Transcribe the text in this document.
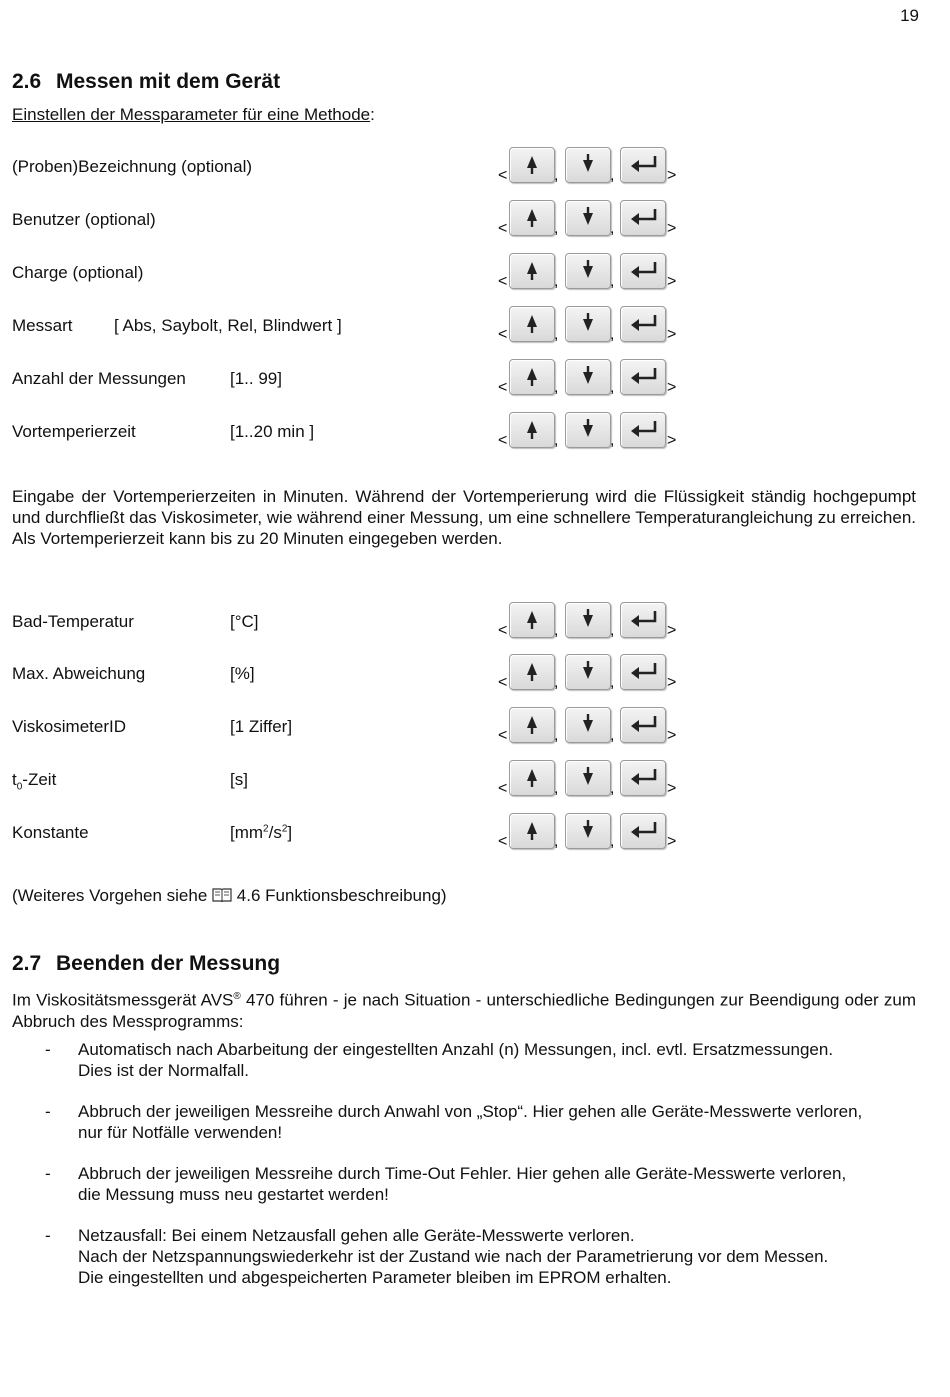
19
2.6 Messen mit dem Gerät
Einstellen der Messparameter für eine Methode:
(Proben)Bezeichnung (optional)	<	,	,	>
Benutzer (optional)	<	,	,	>
Charge (optional)	<	,	,	>
Messart [ Abs, Saybolt, Rel, Blindwert ]	<	,	,	>
Anzahl der Messungen	[1.. 99]	<	,	,	>
Vortemperierzeit	[1..20 min ]	<	,	,	>
Eingabe der Vortemperierzeiten in Minuten. Während der Vortemperierung wird die Flüssigkeit ständig hochgepumpt und durchfließt das Viskosimeter, wie während einer Messung, um eine schnellere Temperaturangleichung zu erreichen. Als Vortemperierzeit kann bis zu 20 Minuten eingegeben werden.
Bad-Temperatur	[°C]	<	,	,	>
Max. Abweichung	[%]	<	,	,	>
ViskosimeterID	[1 Ziffer]	<	,	,	>
$t_0$-Zeit	[s]	<	,	,	>
Konstante	$[mm^2/s^2]$	<	,	,	>
(Weiteres Vorgehen siehe 4.6 Funktionsbeschreibung)
2.7 Beenden der Messung
Im Viskositätsmessgerät AVS® 470 führen - je nach Situation - unterschiedliche Bedingungen zur Beendigung oder zum Abbruch des Messprogramms:
- Automatisch nach Abarbeitung der eingestellten Anzahl (n) Messungen, incl. evtl. Ersatzmessungen.
Dies ist der Normalfall.
- Abbruch der jeweiligen Messreihe durch Anwahl von „Stop“. Hier gehen alle Geräte-Messwerte verloren,
nur für Notfälle verwenden!
- Abbruch der jeweiligen Messreihe durch Time-Out Fehler. Hier gehen alle Geräte-Messwerte verloren,
die Messung muss neu gestartet werden!
- Netzausfall: Bei einem Netzausfall gehen alle Geräte-Messwerte verloren.
Nach der Netzspannungswiederkehr ist der Zustand wie nach der Parametrierung vor dem Messen.
Die eingestellten und abgespeicherten Parameter bleiben im EPROM erhalten.
